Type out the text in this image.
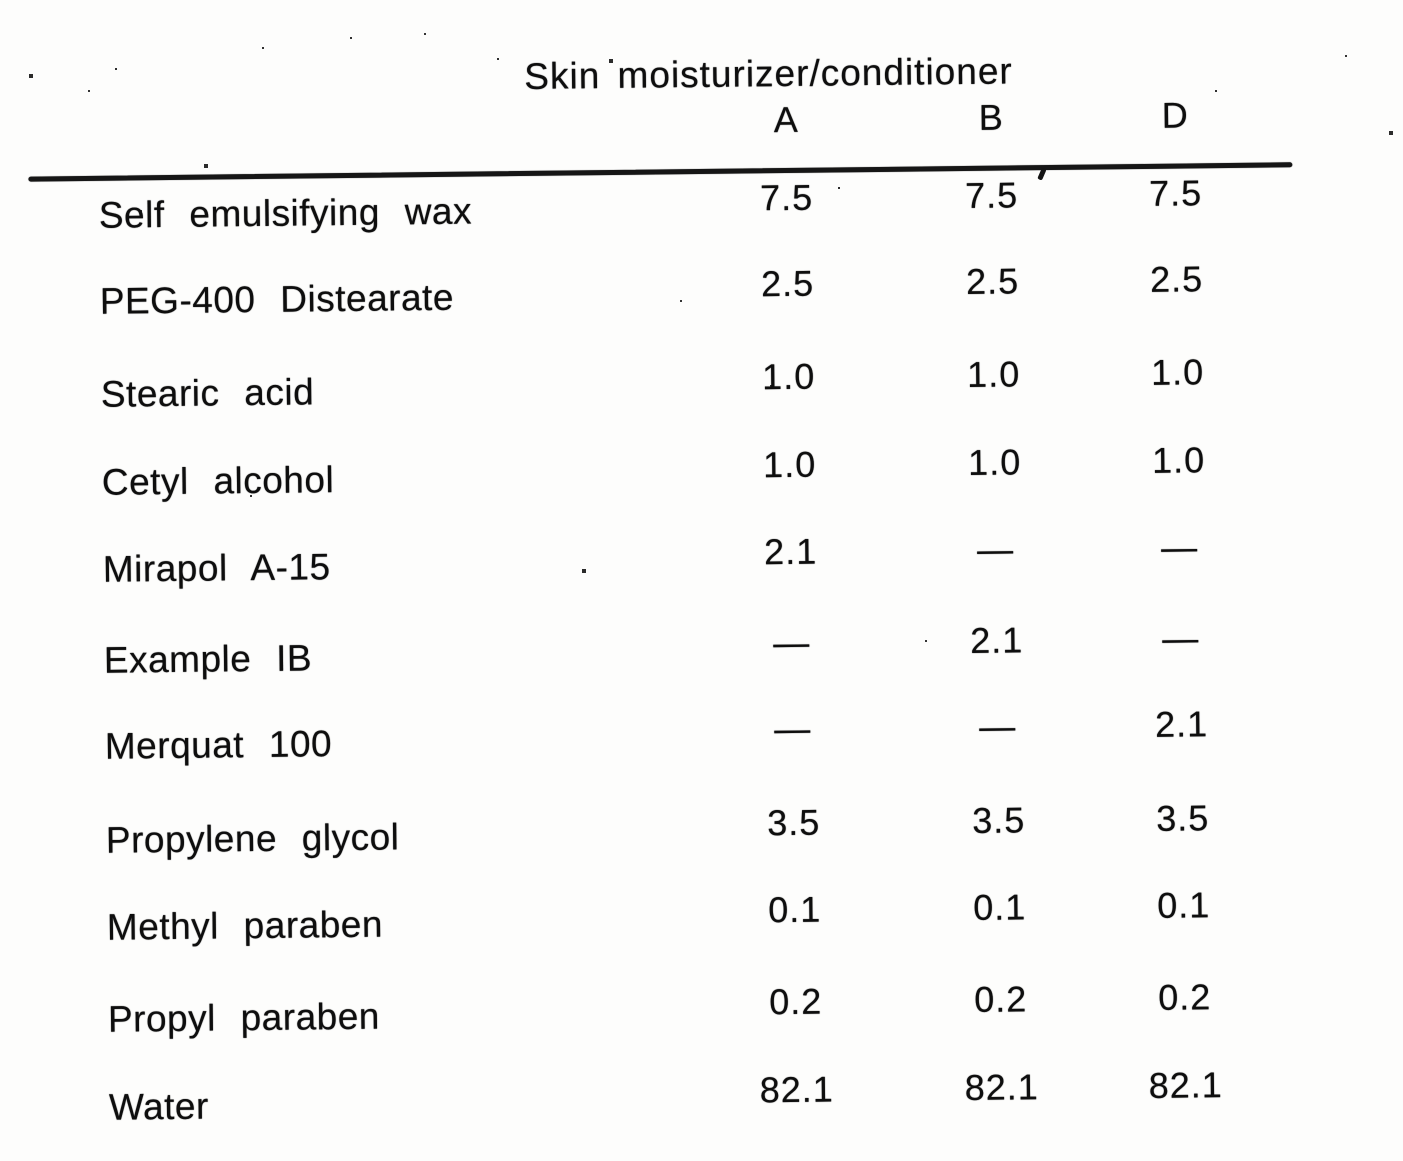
Skin moisturizer/conditioner
A	B	D
Self emulsifying wax	7.5	7.5	7.5
PEG-400 Distearate	2.5	2.5	2.5
Stearic acid	1.0	1.0	1.0
Cetyl alcohol	1.0	1.0	1.0
Mirapol A-15	2.1	—	—
Example IB	—	2.1	—
Merquat 100	—	—	2.1
Propylene glycol	3.5	3.5	3.5
Methyl paraben	0.1	0.1	0.1
Propyl paraben	0.2	0.2	0.2
Water	82.1	82.1	82.1
